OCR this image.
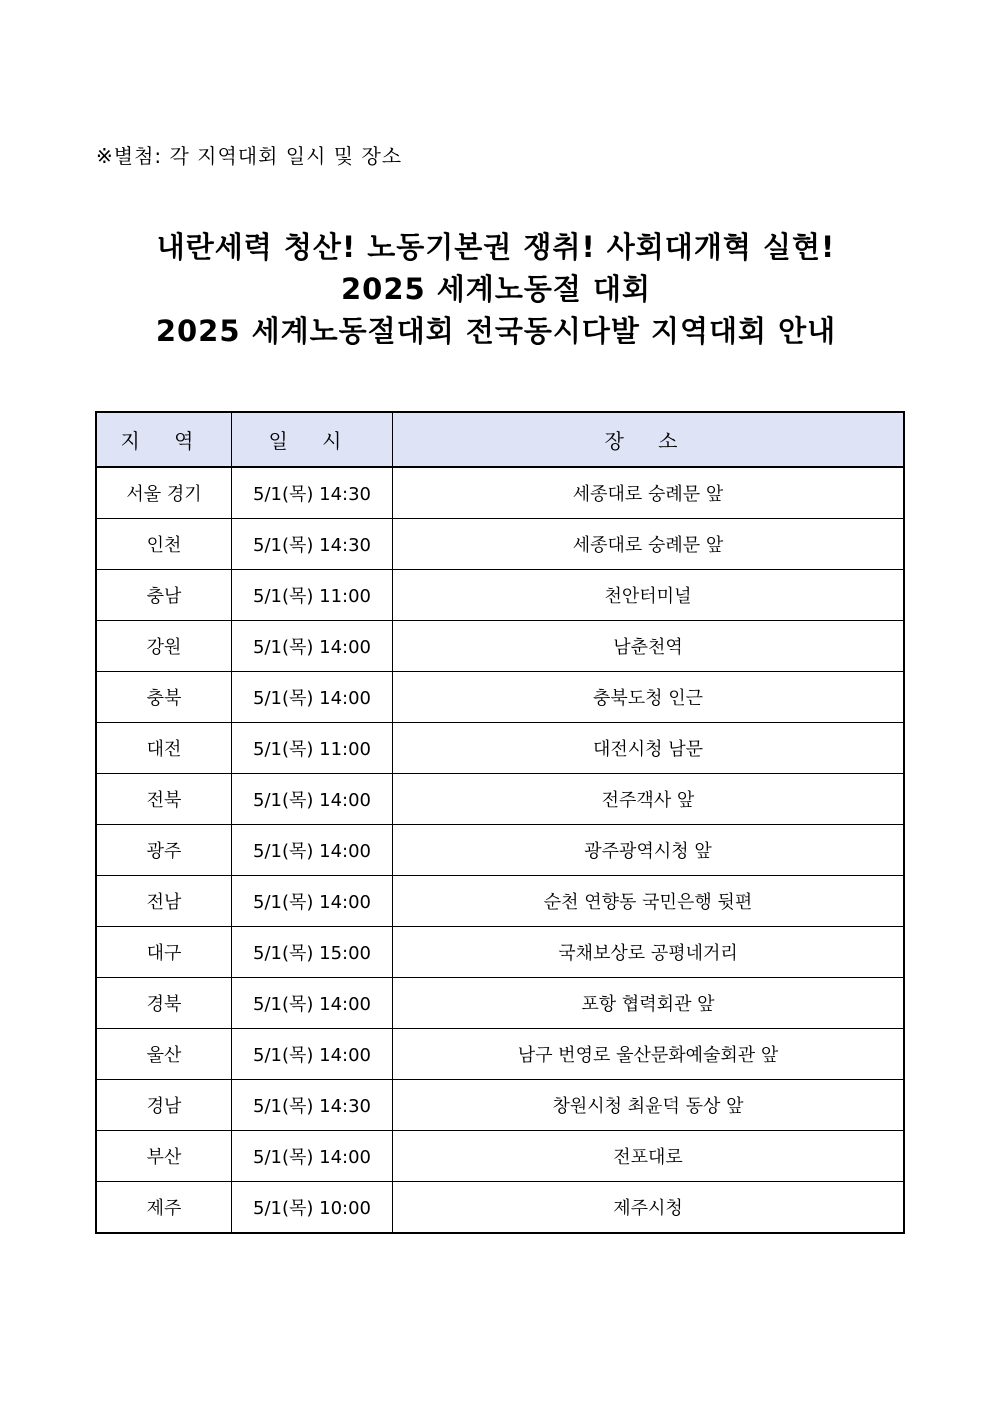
※별첨: 각 지역대회 일시 및 장소
내란세력 청산! 노동기본권 쟁취! 사회대개혁 실현!
2025 세계노동절 대회
2025 세계노동절대회 전국동시다발 지역대회 안내
지 역	일 시	장 소
서울 경기	5/1(목) 14:30	세종대로 숭례문 앞
인천	5/1(목) 14:30	세종대로 숭례문 앞
충남	5/1(목) 11:00	천안터미널
강원	5/1(목) 14:00	남춘천역
충북	5/1(목) 14:00	충북도청 인근
대전	5/1(목) 11:00	대전시청 남문
전북	5/1(목) 14:00	전주객사 앞
광주	5/1(목) 14:00	광주광역시청 앞
전남	5/1(목) 14:00	순천 연향동 국민은행 뒷편
대구	5/1(목) 15:00	국채보상로 공평네거리
경북	5/1(목) 14:00	포항 협력회관 앞
울산	5/1(목) 14:00	남구 번영로 울산문화예술회관 앞
경남	5/1(목) 14:30	창원시청 최윤덕 동상 앞
부산	5/1(목) 14:00	전포대로
제주	5/1(목) 10:00	제주시청
